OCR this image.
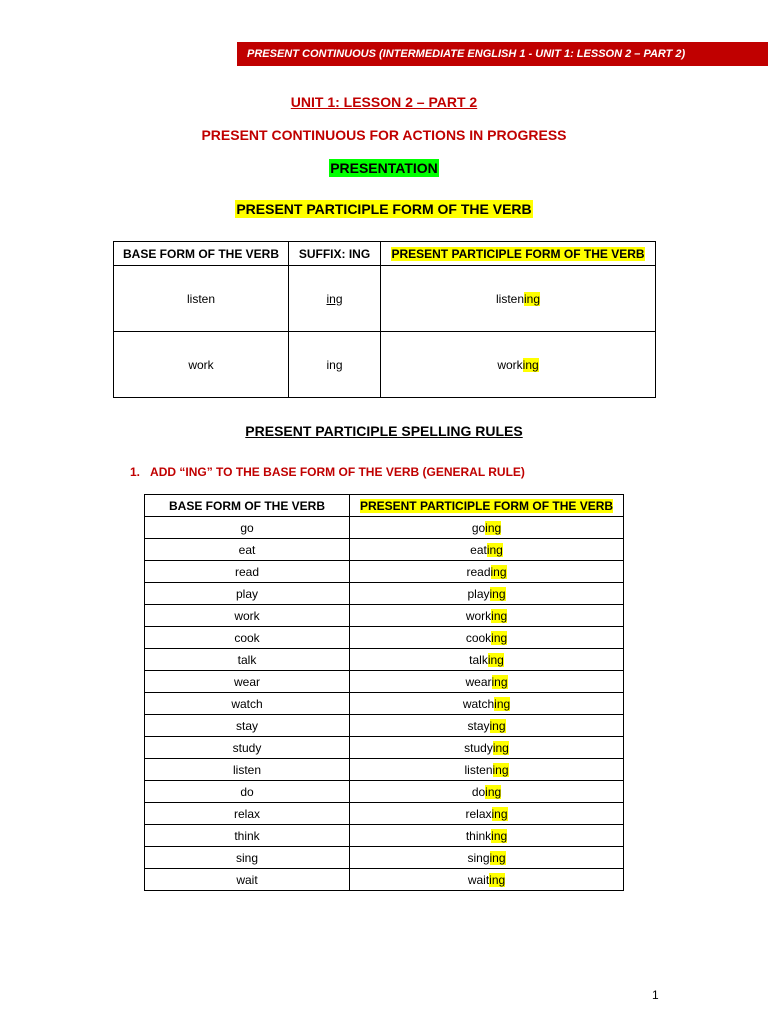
PRESENT CONTINUOUS (INTERMEDIATE ENGLISH 1 - UNIT 1: LESSON 2 – PART 2)
UNIT 1: LESSON 2 – PART 2
PRESENT CONTINUOUS FOR ACTIONS IN PROGRESS
PRESENTATION
PRESENT PARTICIPLE FORM OF THE VERB
BASE FORM OF THE VERB	SUFFIX: ING	PRESENT PARTICIPLE FORM OF THE VERB
listen	ing	listening
work	ing	working
PRESENT PARTICIPLE SPELLING RULES
1. ADD “ING” TO THE BASE FORM OF THE VERB (GENERAL RULE)
BASE FORM OF THE VERB	PRESENT PARTICIPLE FORM OF THE VERB
go	going
eat	eating
read	reading
play	playing
work	working
cook	cooking
talk	talking
wear	wearing
watch	watching
stay	staying
study	studying
listen	listening
do	doing
relax	relaxing
think	thinking
sing	singing
wait	waiting
1
